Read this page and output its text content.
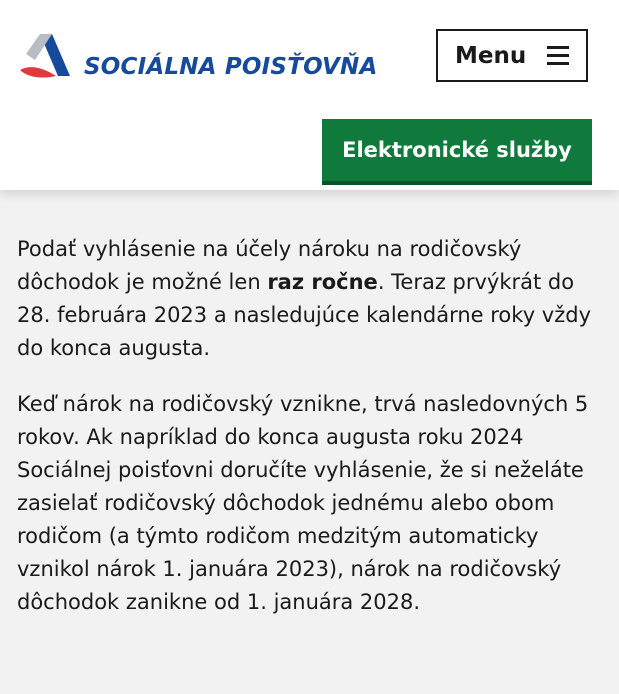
SOCIÁLNA POISŤOVŇA	Menu
Elektronické služby

Podať vyhlásenie na účely nároku na rodičovský dôchodok je možné len raz ročne. Teraz prvýkrát do 28. februára 2023 a nasledujúce kalendárne roky vždy do konca augusta.

Keď nárok na rodičovský vznikne, trvá nasledovných 5 rokov. Ak napríklad do konca augusta roku 2024 Sociálnej poisťovni doručíte vyhlásenie, že si neželáte zasielať rodičovský dôchodok jednému alebo obom rodičom (a týmto rodičom medzitým automaticky vznikol nárok 1. januára 2023), nárok na rodičovský dôchodok zanikne od 1. januára 2028.
